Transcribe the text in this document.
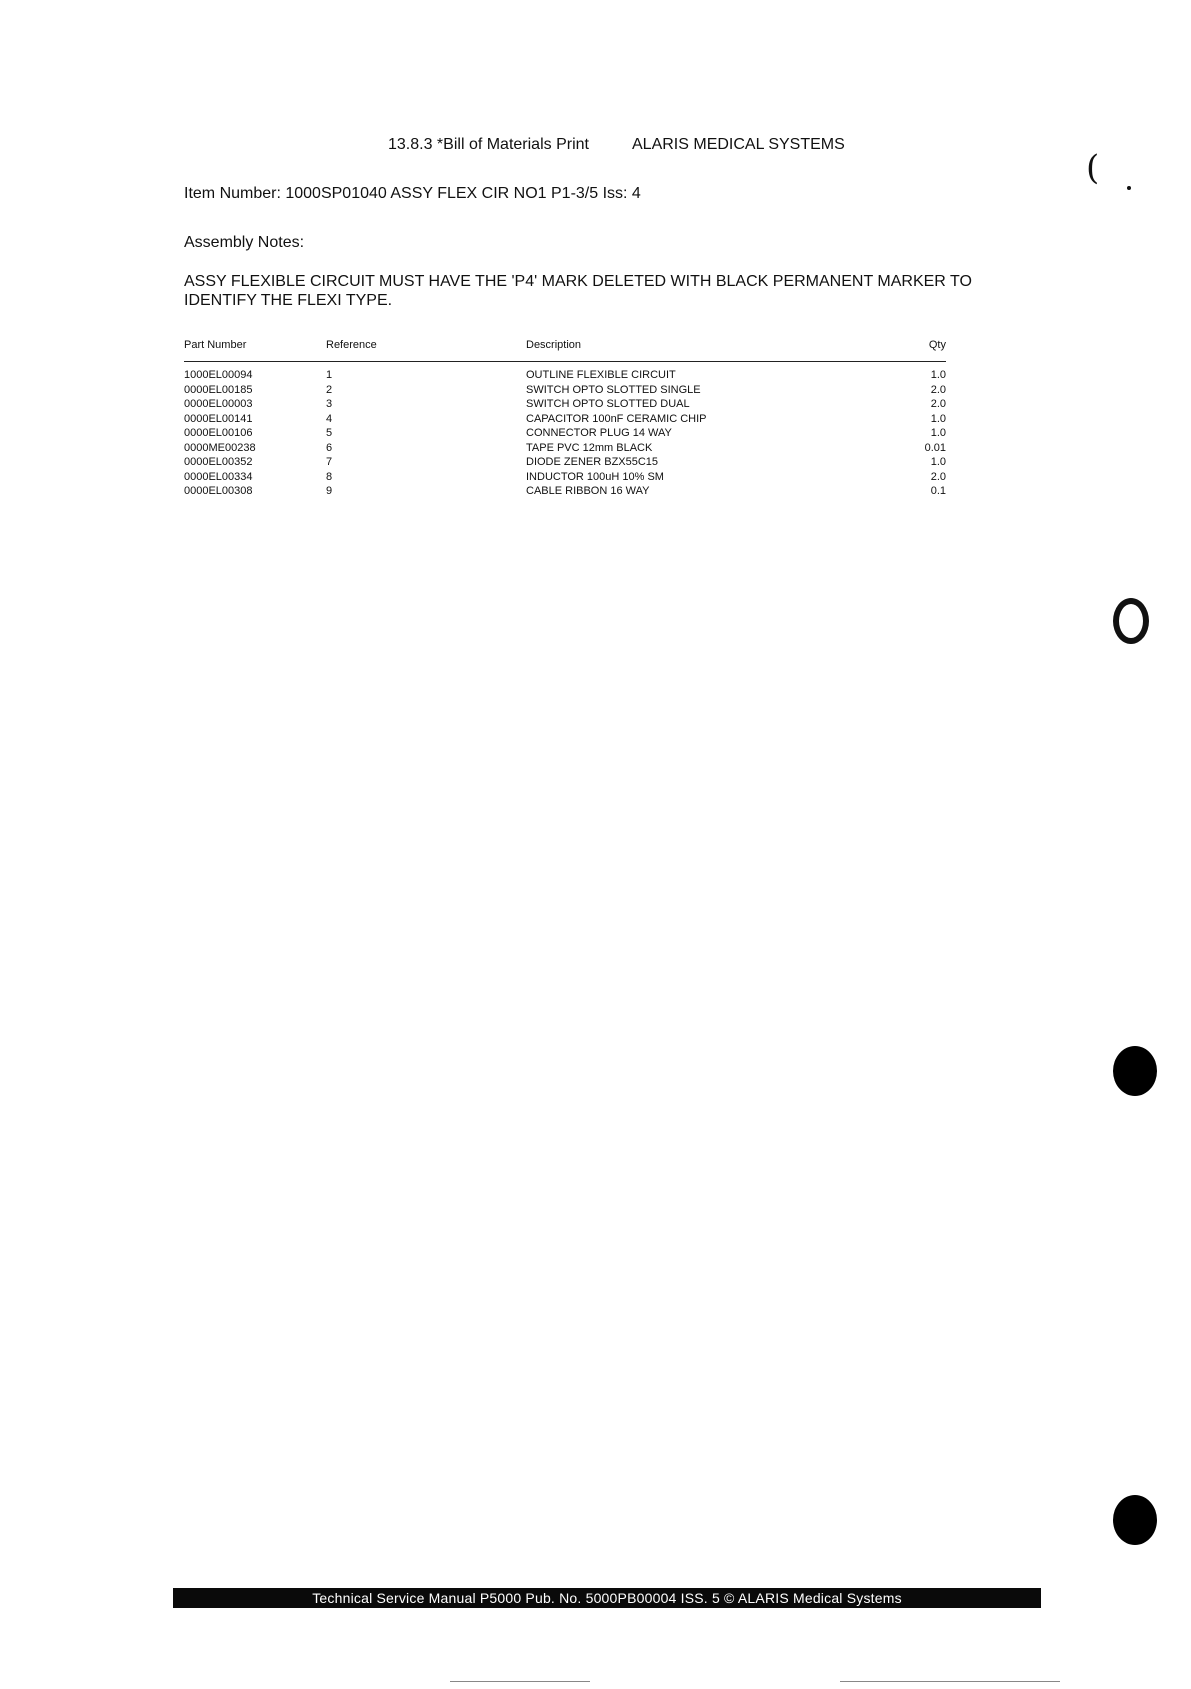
13.8.3 *Bill of Materials Print	ALARIS MEDICAL SYSTEMS
Item Number: 1000SP01040 ASSY FLEX CIR NO1 P1-3/5 Iss: 4
Assembly Notes:
ASSY FLEXIBLE CIRCUIT MUST HAVE THE 'P4' MARK DELETED WITH BLACK PERMANENT MARKER TO IDENTIFY THE FLEXI TYPE.
Part Number	Reference	Description	Qty
1000EL00094	1	OUTLINE FLEXIBLE CIRCUIT	1.0
0000EL00185	2	SWITCH OPTO SLOTTED SINGLE	2.0
0000EL00003	3	SWITCH OPTO SLOTTED DUAL	2.0
0000EL00141	4	CAPACITOR 100nF CERAMIC CHIP	1.0
0000EL00106	5	CONNECTOR PLUG 14 WAY	1.0
0000ME00238	6	TAPE PVC 12mm BLACK	0.01
0000EL00352	7	DIODE ZENER BZX55C15	1.0
0000EL00334	8	INDUCTOR 100uH 10% SM	2.0
0000EL00308	9	CABLE RIBBON 16 WAY	0.1
(
Technical Service Manual P5000 Pub. No. 5000PB00004 ISS. 5 © ALARIS Medical Systems
